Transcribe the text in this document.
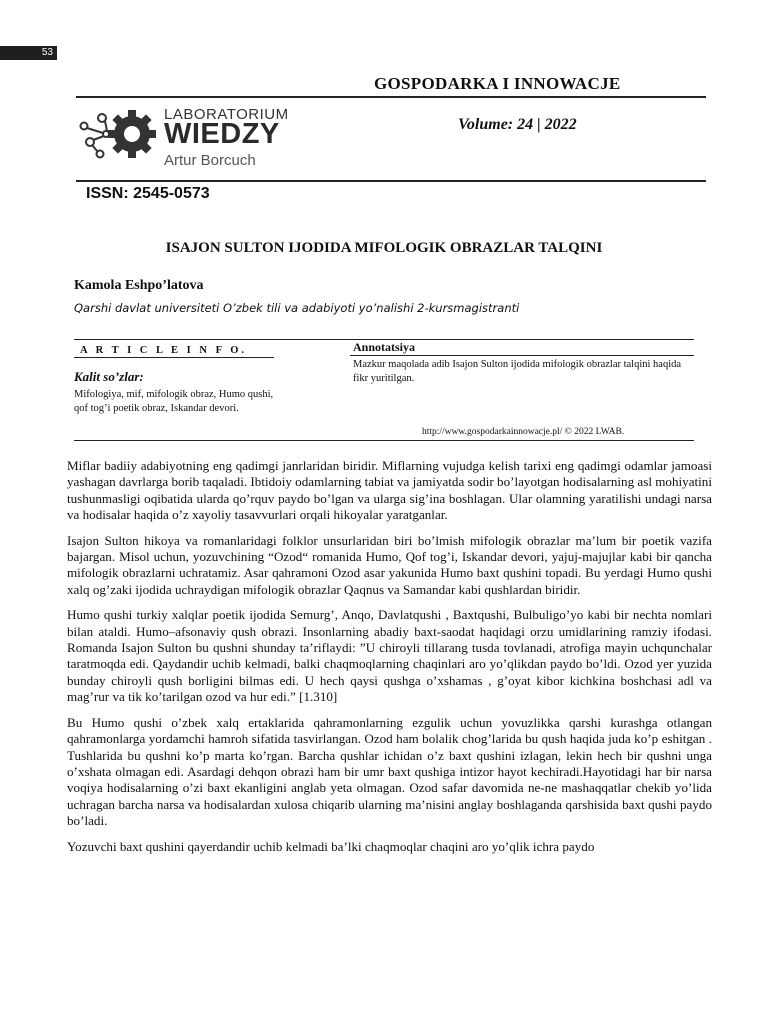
53
GOSPODARKA I INNOWACJE
LABORATORIUM
WIEDZY
Artur Borcuch
Volume: 24 | 2022
ISSN: 2545-0573
ISAJON SULTON IJODIDA MIFOLOGIK OBRAZLAR TALQINI
Kamola Eshpo’latova
Qarshi davlat universiteti O’zbek tili va adabiyoti yo’nalishi 2-kursmagistranti
A R T I C L E I N F O.
Kalit so’zlar:
Mifologiya, mif, mifologik obraz, Humo qushi, qof tog’i poetik obraz, Iskandar devori.
Annotatsiya
Mazkur maqolada adib Isajon Sulton ijodida mifologik obrazlar talqini haqida fikr yuritilgan.
http://www.gospodarkainnowacje.pl/ © 2022 LWAB.

Miflar badiiy adabiyotning eng qadimgi janrlaridan biridir. Miflarning vujudga kelish tarixi eng qadimgi odamlar jamoasi yashagan davrlarga borib taqaladi. Ibtidoiy odamlarning tabiat va jamiyatda sodir bo’layotgan hodisalarning asl mohiyatini tushunmasligi oqibatida ularda qo’rquv paydo bo’lgan va ularga sig’ina boshlagan. Ular olamning yaratilishi undagi narsa va hodisalar haqida o’z xayoliy tasavvurlari orqali hikoyalar yaratganlar.

Isajon Sulton hikoya va romanlaridagi folklor unsurlaridan biri bo’lmish mifologik obrazlar ma’lum bir poetik vazifa bajargan. Misol uchun, yozuvchining “Ozod“ romanida Humo, Qof tog’i, Iskandar devori, yajuj-majujlar kabi bir qancha mifologik obrazlarni uchratamiz. Asar qahramoni Ozod asar yakunida Humo baxt qushini topadi. Bu yerdagi Humo qushi xalq og’zaki ijodida uchraydigan mifologik obrazlar Qaqnus va Samandar kabi qushlardan biridir.

Humo qushi turkiy xalqlar poetik ijodida Semurg’, Anqo, Davlatqushi , Baxtqushi, Bulbuligo’yo kabi bir nechta nomlari bilan ataldi. Humo–afsonaviy qush obrazi. Insonlarning abadiy baxt-saodat haqidagi orzu umidlarining ramziy ifodasi. Romanda Isajon Sulton bu qushni shunday ta’riflaydi: ”U chiroyli tillarang tusda tovlanadi, atrofiga mayin uchqunchalar taratmoqda edi. Qaydandir uchib kelmadi, balki chaqmoqlarning chaqinlari aro yo’qlikdan paydo bo’ldi. Ozod yer yuzida bunday chiroyli qush borligini bilmas edi. U hech qaysi qushga o’xshamas , g’oyat kibor kichkina boshchasi adl va mag’rur va tik ko’tarilgan ozod va hur edi.” [1.310]

Bu Humo qushi o’zbek xalq ertaklarida qahramonlarning ezgulik uchun yovuzlikka qarshi kurashga otlangan qahramonlarga yordamchi hamroh sifatida tasvirlangan. Ozod ham bolalik chog’larida bu qush haqida juda ko’p eshitgan . Tushlarida bu qushni ko’p marta ko’rgan. Barcha qushlar ichidan o’z baxt qushini izlagan, lekin hech bir qushni unga o’xshata olmagan edi. Asardagi dehqon obrazi ham bir umr baxt qushiga intizor hayot kechiradi.Hayotidagi har bir narsa voqiya hodisalarning o’zi baxt ekanligini anglab yeta olmagan. Ozod safar davomida ne-ne mashaqqatlar chekib yo’lida uchragan barcha narsa va hodisalardan xulosa chiqarib ularning ma’nisini anglay boshlaganda qarshisida baxt qushi paydo bo’ladi.

Yozuvchi baxt qushini qayerdandir uchib kelmadi ba’lki chaqmoqlar chaqini aro yo’qlik ichra paydo
